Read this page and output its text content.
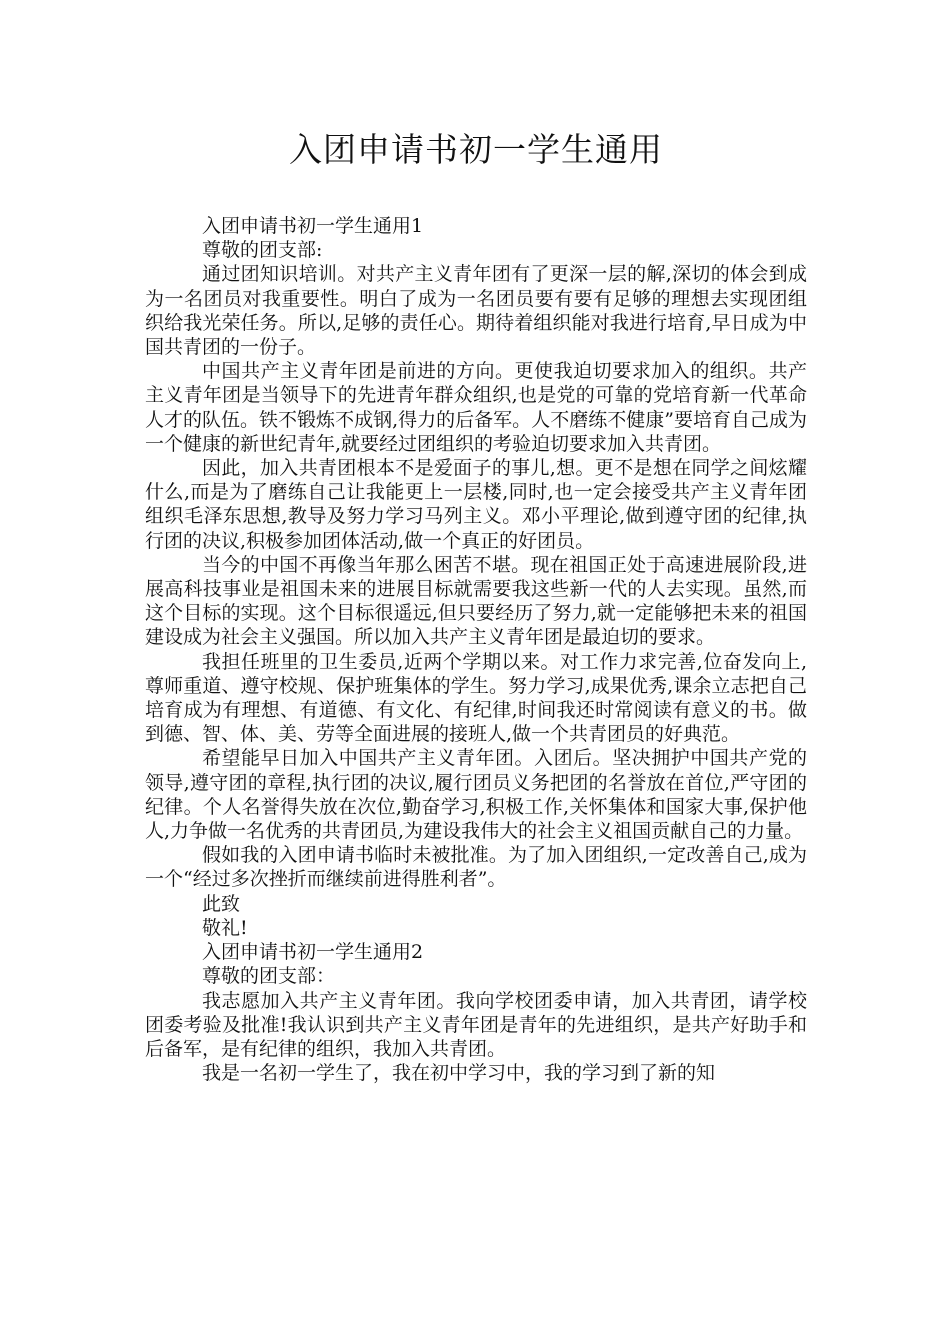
入团申请书初一学生通用

入团申请书初一学生通用1

尊敬的团支部:

通过团知识培训。对共产主义青年团有了更深一层的解,深切的体会到成为一名团员对我重要性。明白了成为一名团员要有要有足够的理想去实现团组织给我光荣任务。所以,足够的责任心。期待着组织能对我进行培育,早日成为中国共青团的一份子。

中国共产主义青年团是前进的方向。更使我迫切要求加入的组织。共产主义青年团是当领导下的先进青年群众组织,也是党的可靠的党培育新一代革命人才的队伍。铁不锻炼不成钢,得力的后备军。人不磨练不健康”要培育自己成为一个健康的新世纪青年,就要经过团组织的考验迫切要求加入共青团。

因此，加入共青团根本不是爱面子的事儿,想。更不是想在同学之间炫耀什么,而是为了磨练自己让我能更上一层楼,同时,也一定会接受共产主义青年团组织毛泽东思想,教导及努力学习马列主义。邓小平理论,做到遵守团的纪律,执行团的决议,积极参加团体活动,做一个真正的好团员。

当今的中国不再像当年那么困苦不堪。现在祖国正处于高速进展阶段,进展高科技事业是祖国未来的进展目标就需要我这些新一代的人去实现。虽然,而这个目标的实现。这个目标很遥远,但只要经历了努力,就一定能够把未来的祖国建设成为社会主义强国。所以加入共产主义青年团是最迫切的要求。

我担任班里的卫生委员,近两个学期以来。对工作力求完善,位奋发向上,尊师重道、遵守校规、保护班集体的学生。努力学习,成果优秀,课余立志把自己培育成为有理想、有道德、有文化、有纪律,时间我还时常阅读有意义的书。做到德、智、体、美、劳等全面进展的接班人,做一个共青团员的好典范。

希望能早日加入中国共产主义青年团。入团后。坚决拥护中国共产党的领导,遵守团的章程,执行团的决议,履行团员义务把团的名誉放在首位,严守团的纪律。个人名誉得失放在次位,勤奋学习,积极工作,关怀集体和国家大事,保护他人,力争做一名优秀的共青团员,为建设我伟大的社会主义祖国贡献自己的力量。

假如我的入团申请书临时未被批准。为了加入团组织,一定改善自己,成为一个“经过多次挫折而继续前进得胜利者”。

此致

敬礼!

入团申请书初一学生通用2

尊敬的团支部：

我志愿加入共产主义青年团。我向学校团委申请，加入共青团，请学校团委考验及批准!我认识到共产主义青年团是青年的先进组织，是共产好助手和后备军，是有纪律的组织，我加入共青团。

我是一名初一学生了，我在初中学习中，我的学习到了新的知
